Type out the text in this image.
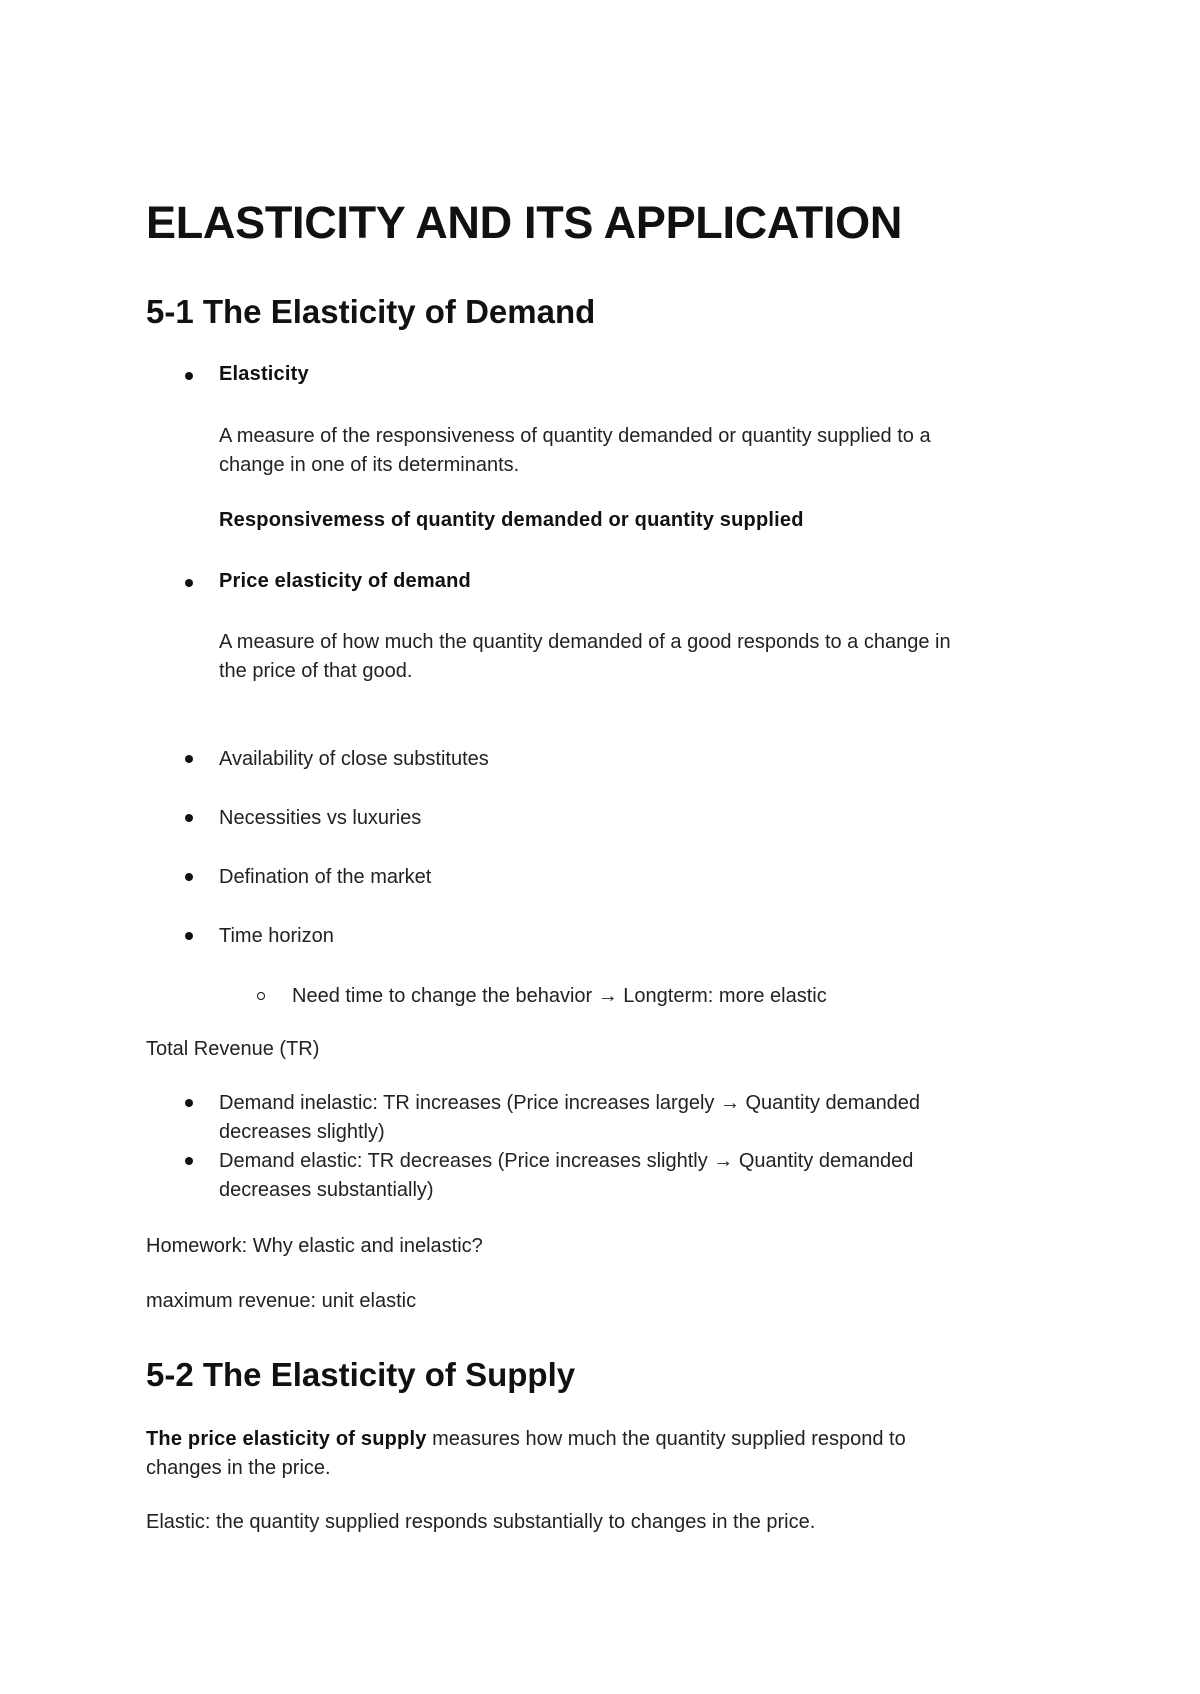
ELASTICITY AND ITS APPLICATION
5-1 The Elasticity of Demand
Elasticity
A measure of the responsiveness of quantity demanded or quantity supplied to a
change in one of its determinants.
Responsivemess of quantity demanded or quantity supplied
Price elasticity of demand
A measure of how much the quantity demanded of a good responds to a change in
the price of that good.
Availability of close substitutes
Necessities vs luxuries
Defination of the market
Time horizon
Need time to change the behavior → Longterm: more elastic
Total Revenue (TR)
Demand inelastic: TR increases (Price increases largely → Quantity demanded
decreases slightly)
Demand elastic: TR decreases (Price increases slightly → Quantity demanded
decreases substantially)
Homework: Why elastic and inelastic?
maximum revenue: unit elastic
5-2 The Elasticity of Supply
The price elasticity of supply measures how much the quantity supplied respond to
changes in the price.
Elastic: the quantity supplied responds substantially to changes in the price.
